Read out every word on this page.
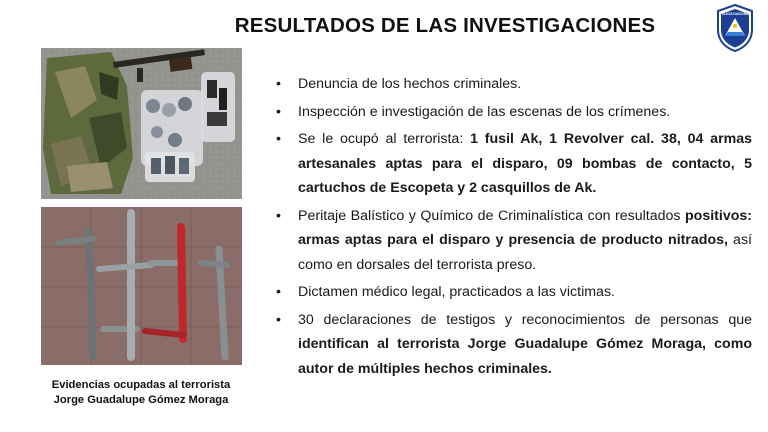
RESULTADOS DE LAS INVESTIGACIONES	POLICIA NACIONAL
Evidencias ocupadas al terrorista
Jorge Guadalupe Gómez Moraga
• Denuncia de los hechos criminales.
• Inspección e investigación de las escenas de los crímenes.
• Se le ocupó al terrorista: 1 fusil Ak, 1 Revolver cal. 38, 04 armas artesanales aptas para el disparo, 09 bombas de contacto, 5 cartuchos de Escopeta y 2 casquillos de Ak.
• Peritaje Balístico y Químico de Criminalística con resultados positivos: armas aptas para el disparo y presencia de producto nitrados, así como en dorsales del terrorista preso.
• Dictamen médico legal, practicados a las victimas.
• 30 declaraciones de testigos y reconocimientos de personas que identifican al terrorista Jorge Guadalupe Gómez Moraga, como autor de múltiples hechos criminales.
